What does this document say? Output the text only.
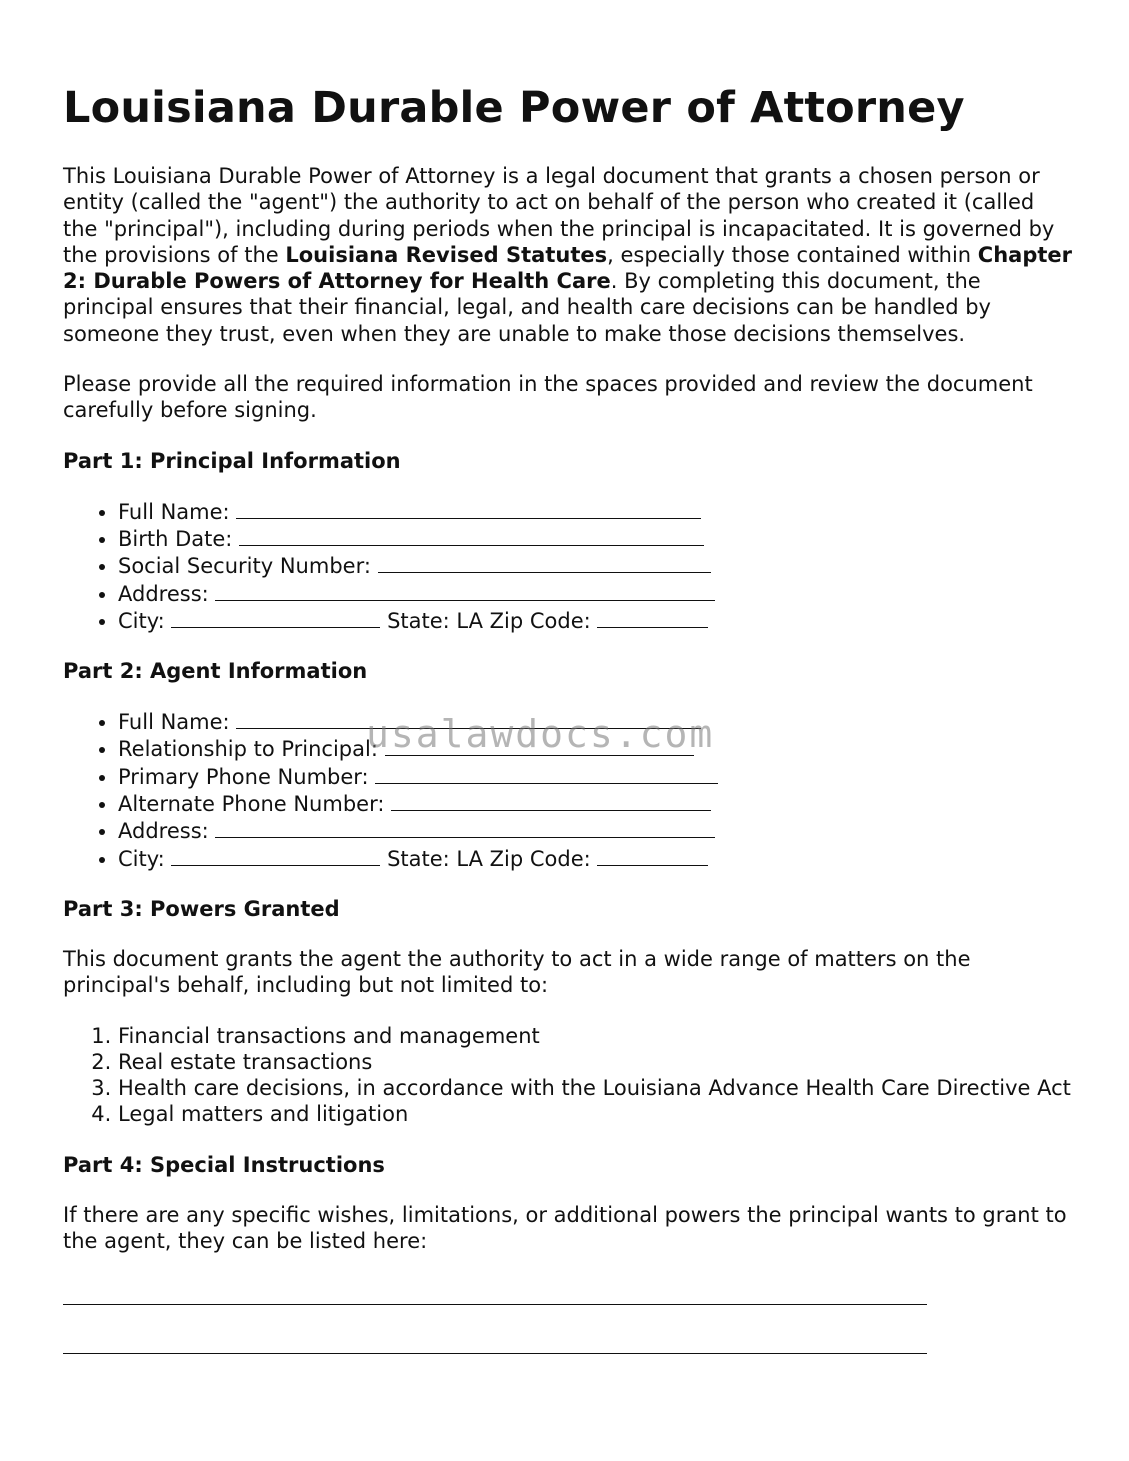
Louisiana Durable Power of Attorney

This Louisiana Durable Power of Attorney is a legal document that grants a chosen person or entity (called the "agent") the authority to act on behalf of the person who created it (called the "principal"), including during periods when the principal is incapacitated. It is governed by the provisions of the Louisiana Revised Statutes, especially those contained within Chapter 2: Durable Powers of Attorney for Health Care. By completing this document, the principal ensures that their financial, legal, and health care decisions can be handled by someone they trust, even when they are unable to make those decisions themselves.

Please provide all the required information in the spaces provided and review the document carefully before signing.

Part 1: Principal Information
• Full Name:
• Birth Date:
• Social Security Number:
• Address:
• City:	State: LA Zip Code:
Part 2: Agent Information
• Full Name:
• Relationship to Principal:
• Primary Phone Number:
• Alternate Phone Number:
• Address:
• City:	State: LA Zip Code:
Part 3: Powers Granted

This document grants the agent the authority to act in a wide range of matters on the principal's behalf, including but not limited to:

1. Financial transactions and management
2. Real estate transactions
3. Health care decisions, in accordance with the Louisiana Advance Health Care Directive Act
4. Legal matters and litigation
Part 4: Special Instructions

If there are any specific wishes, limitations, or additional powers the principal wants to grant to the agent, they can be listed here:

usalawdocs.com
